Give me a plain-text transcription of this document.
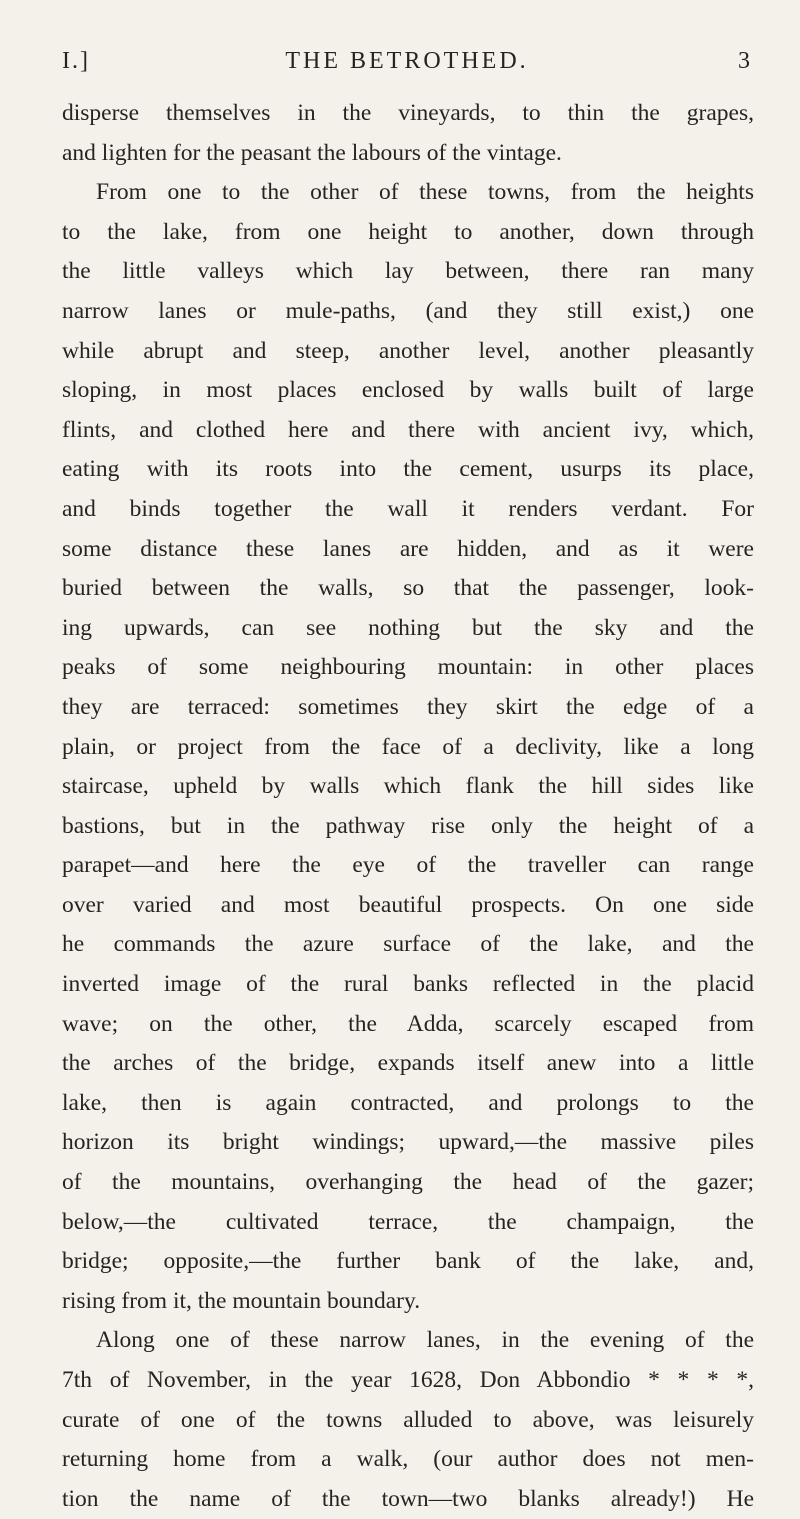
I.]	THE BETROTHED.	3
disperse themselves in the vineyards, to thin the grapes,
and lighten for the peasant the labours of the vintage.
From one to the other of these towns, from the heights
to the lake, from one height to another, down through
the little valleys which lay between, there ran many
narrow lanes or mule-paths, (and they still exist,) one
while abrupt and steep, another level, another pleasantly
sloping, in most places enclosed by walls built of large
flints, and clothed here and there with ancient ivy, which,
eating with its roots into the cement, usurps its place,
and binds together the wall it renders verdant. For
some distance these lanes are hidden, and as it were
buried between the walls, so that the passenger, look-
ing upwards, can see nothing but the sky and the
peaks of some neighbouring mountain: in other places
they are terraced: sometimes they skirt the edge of a
plain, or project from the face of a declivity, like a long
staircase, upheld by walls which flank the hill sides like
bastions, but in the pathway rise only the height of a
parapet—and here the eye of the traveller can range
over varied and most beautiful prospects. On one side
he commands the azure surface of the lake, and the
inverted image of the rural banks reflected in the placid
wave; on the other, the Adda, scarcely escaped from
the arches of the bridge, expands itself anew into a little
lake, then is again contracted, and prolongs to the
horizon its bright windings; upward,—the massive piles
of the mountains, overhanging the head of the gazer;
below,—the cultivated terrace, the champaign, the
bridge; opposite,—the further bank of the lake, and,
rising from it, the mountain boundary.
Along one of these narrow lanes, in the evening of the
7th of November, in the year 1628, Don Abbondio * * * *,
curate of one of the towns alluded to above, was leisurely
returning home from a walk, (our author does not men-
tion the name of the town—two blanks already!) He
